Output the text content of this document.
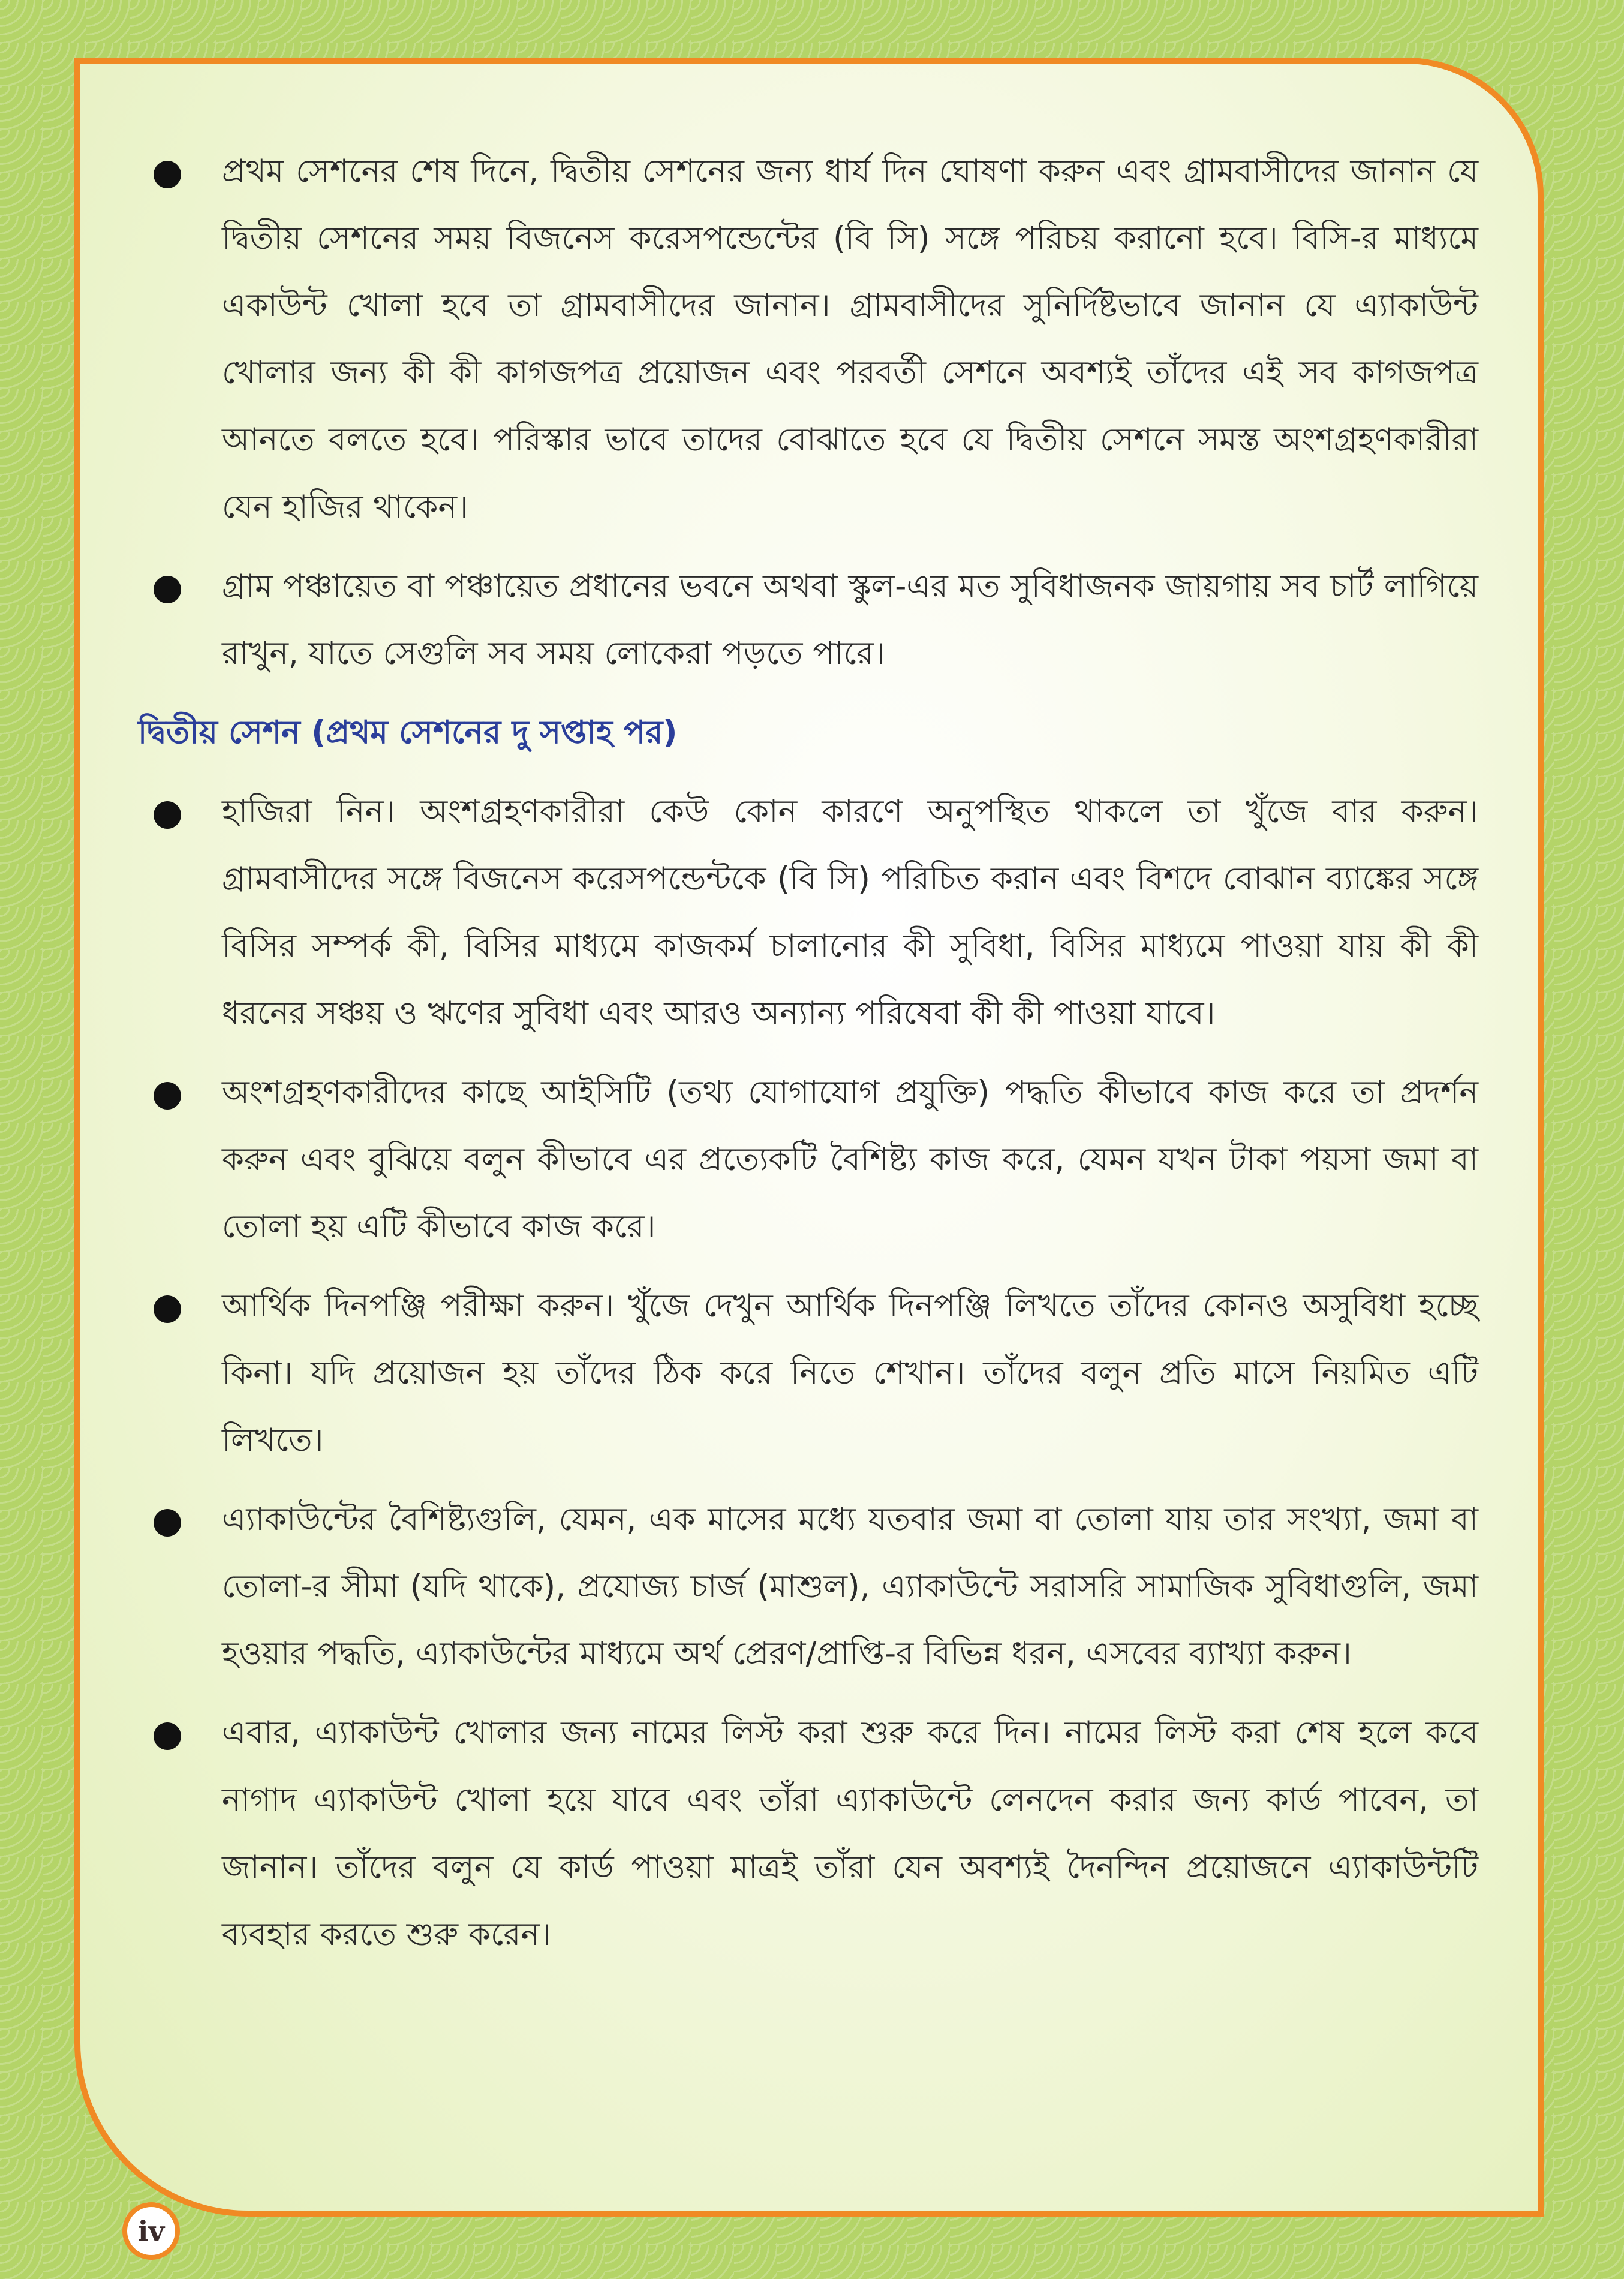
প্রথম সেশনের শেষ দিনে, দ্বিতীয় সেশনের জন্য ধার্য দিন ঘোষণা করুন এবং গ্রামবাসীদের জানান যে দ্বিতীয় সেশনের সময় বিজনেস করেসপন্ডেন্টের (বি সি) সঙ্গে পরিচয় করানো হবে। বিসি-র মাধ্যমে একাউন্ট খোলা হবে তা গ্রামবাসীদের জানান। গ্রামবাসীদের সুনির্দিষ্টভাবে জানান যে এ্যাকাউন্ট খোলার জন্য কী কী কাগজপত্র প্রয়োজন এবং পরবর্তী সেশনে অবশ্যই তাঁদের এই সব কাগজপত্র আনতে বলতে হবে। পরিস্কার ভাবে তাদের বোঝাতে হবে যে দ্বিতীয় সেশনে সমস্ত অংশগ্রহণকারীরা যেন হাজির থাকেন।
গ্রাম পঞ্চায়েত বা পঞ্চায়েত প্রধানের ভবনে অথবা স্কুল-এর মত সুবিধাজনক জায়গায় সব চার্ট লাগিয়ে রাখুন, যাতে সেগুলি সব সময় লোকেরা পড়তে পারে।
দ্বিতীয় সেশন (প্রথম সেশনের দু সপ্তাহ পর)
হাজিরা নিন। অংশগ্রহণকারীরা কেউ কোন কারণে অনুপস্থিত থাকলে তা খুঁজে বার করুন। গ্রামবাসীদের সঙ্গে বিজনেস করেসপন্ডেন্টকে (বি সি) পরিচিত করান এবং বিশদে বোঝান ব্যাঙ্কের সঙ্গে বিসির সম্পর্ক কী, বিসির মাধ্যমে কাজকর্ম চালানোর কী সুবিধা, বিসির মাধ্যমে পাওয়া যায় কী কী ধরনের সঞ্চয় ও ঋণের সুবিধা এবং আরও অন্যান্য পরিষেবা কী কী পাওয়া যাবে।
অংশগ্রহণকারীদের কাছে আইসিটি (তথ্য যোগাযোগ প্রযুক্তি) পদ্ধতি কীভাবে কাজ করে তা প্রদর্শন করুন এবং বুঝিয়ে বলুন কীভাবে এর প্রত্যেকটি বৈশিষ্ট্য কাজ করে, যেমন যখন টাকা পয়সা জমা বা তোলা হয় এটি কীভাবে কাজ করে।
আর্থিক দিনপঞ্জি পরীক্ষা করুন। খুঁজে দেখুন আর্থিক দিনপঞ্জি লিখতে তাঁদের কোনও অসুবিধা হচ্ছে কিনা। যদি প্রয়োজন হয় তাঁদের ঠিক করে নিতে শেখান। তাঁদের বলুন প্রতি মাসে নিয়মিত এটি লিখতে।
এ্যাকাউন্টের বৈশিষ্ট্যগুলি, যেমন, এক মাসের মধ্যে যতবার জমা বা তোলা যায় তার সংখ্যা, জমা বা তোলা-র সীমা (যদি থাকে), প্রযোজ্য চার্জ (মাশুল), এ্যাকাউন্টে সরাসরি সামাজিক সুবিধাগুলি, জমা হওয়ার পদ্ধতি, এ্যাকাউন্টের মাধ্যমে অর্থ প্রেরণ/প্রাপ্তি-র বিভিন্ন ধরন, এসবের ব্যাখ্যা করুন।
এবার, এ্যাকাউন্ট খোলার জন্য নামের লিস্ট করা শুরু করে দিন। নামের লিস্ট করা শেষ হলে কবে নাগাদ এ্যাকাউন্ট খোলা হয়ে যাবে এবং তাঁরা এ্যাকাউন্টে লেনদেন করার জন্য কার্ড পাবেন, তা জানান। তাঁদের বলুন যে কার্ড পাওয়া মাত্রই তাঁরা যেন অবশ্যই দৈনন্দিন প্রয়োজনে এ্যাকাউন্টটি ব্যবহার করতে শুরু করেন।
iv
